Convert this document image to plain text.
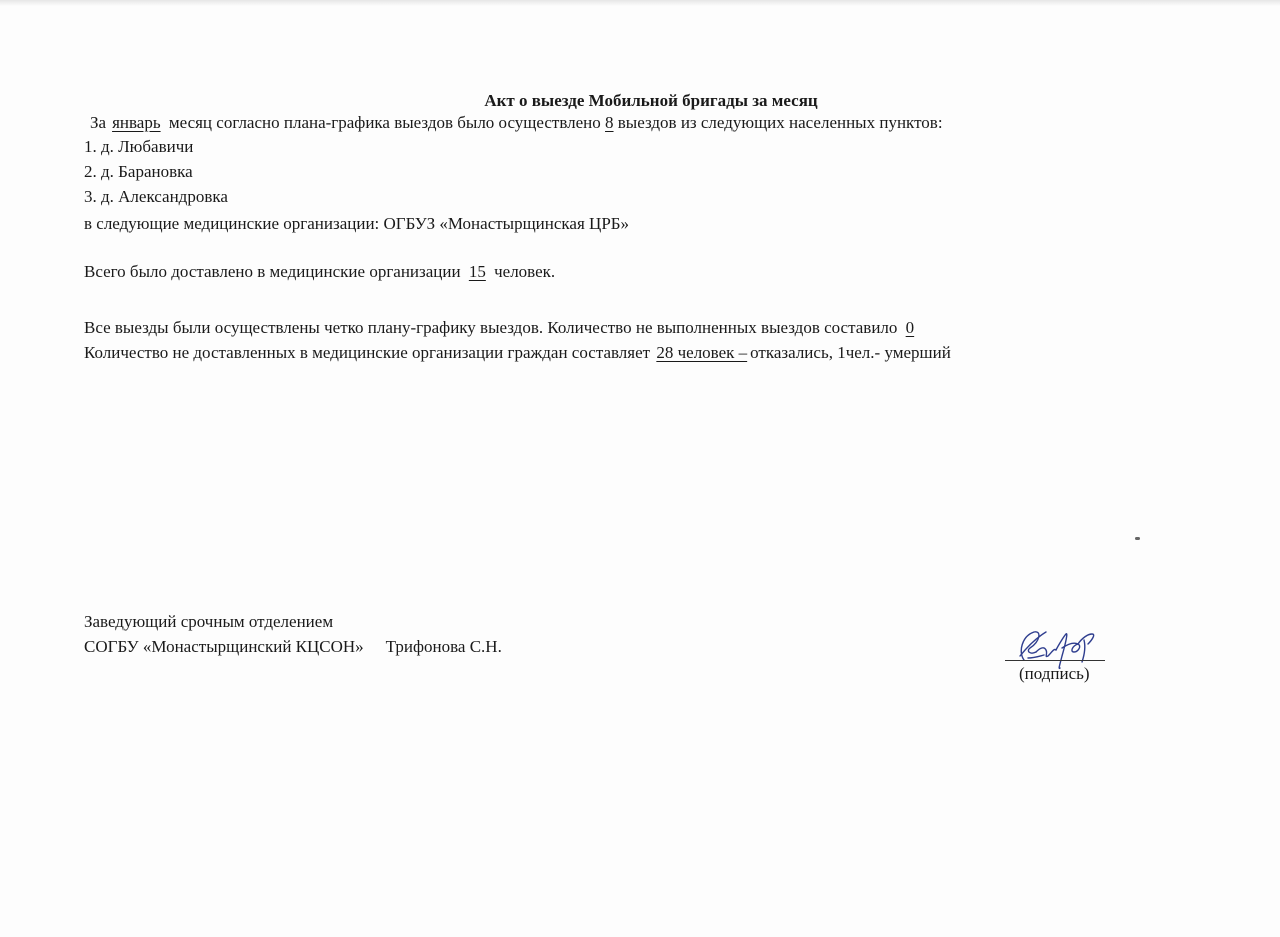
Акт о выезде Мобильной бригады за месяц
За январь месяц согласно плана-графика выездов было осуществлено 8 выездов из следующих населенных пунктов:
1. д. Любавичи
2. д. Барановка
3. д. Александровка
в следующие медицинские организации: ОГБУЗ «Монастырщинская ЦРБ»
Всего было доставлено в медицинские организации 15 человек.
Все выезды были осуществлены четко плану-графику выездов. Количество не выполненных выездов составило 0
Количество не доставленных в медицинские организации граждан составляет 28 человек – отказались, 1чел.- умерший
Заведующий срочным отделением
СОГБУ «Монастырщинский КЦСОН» Трифонова С.Н.
(подпись)
